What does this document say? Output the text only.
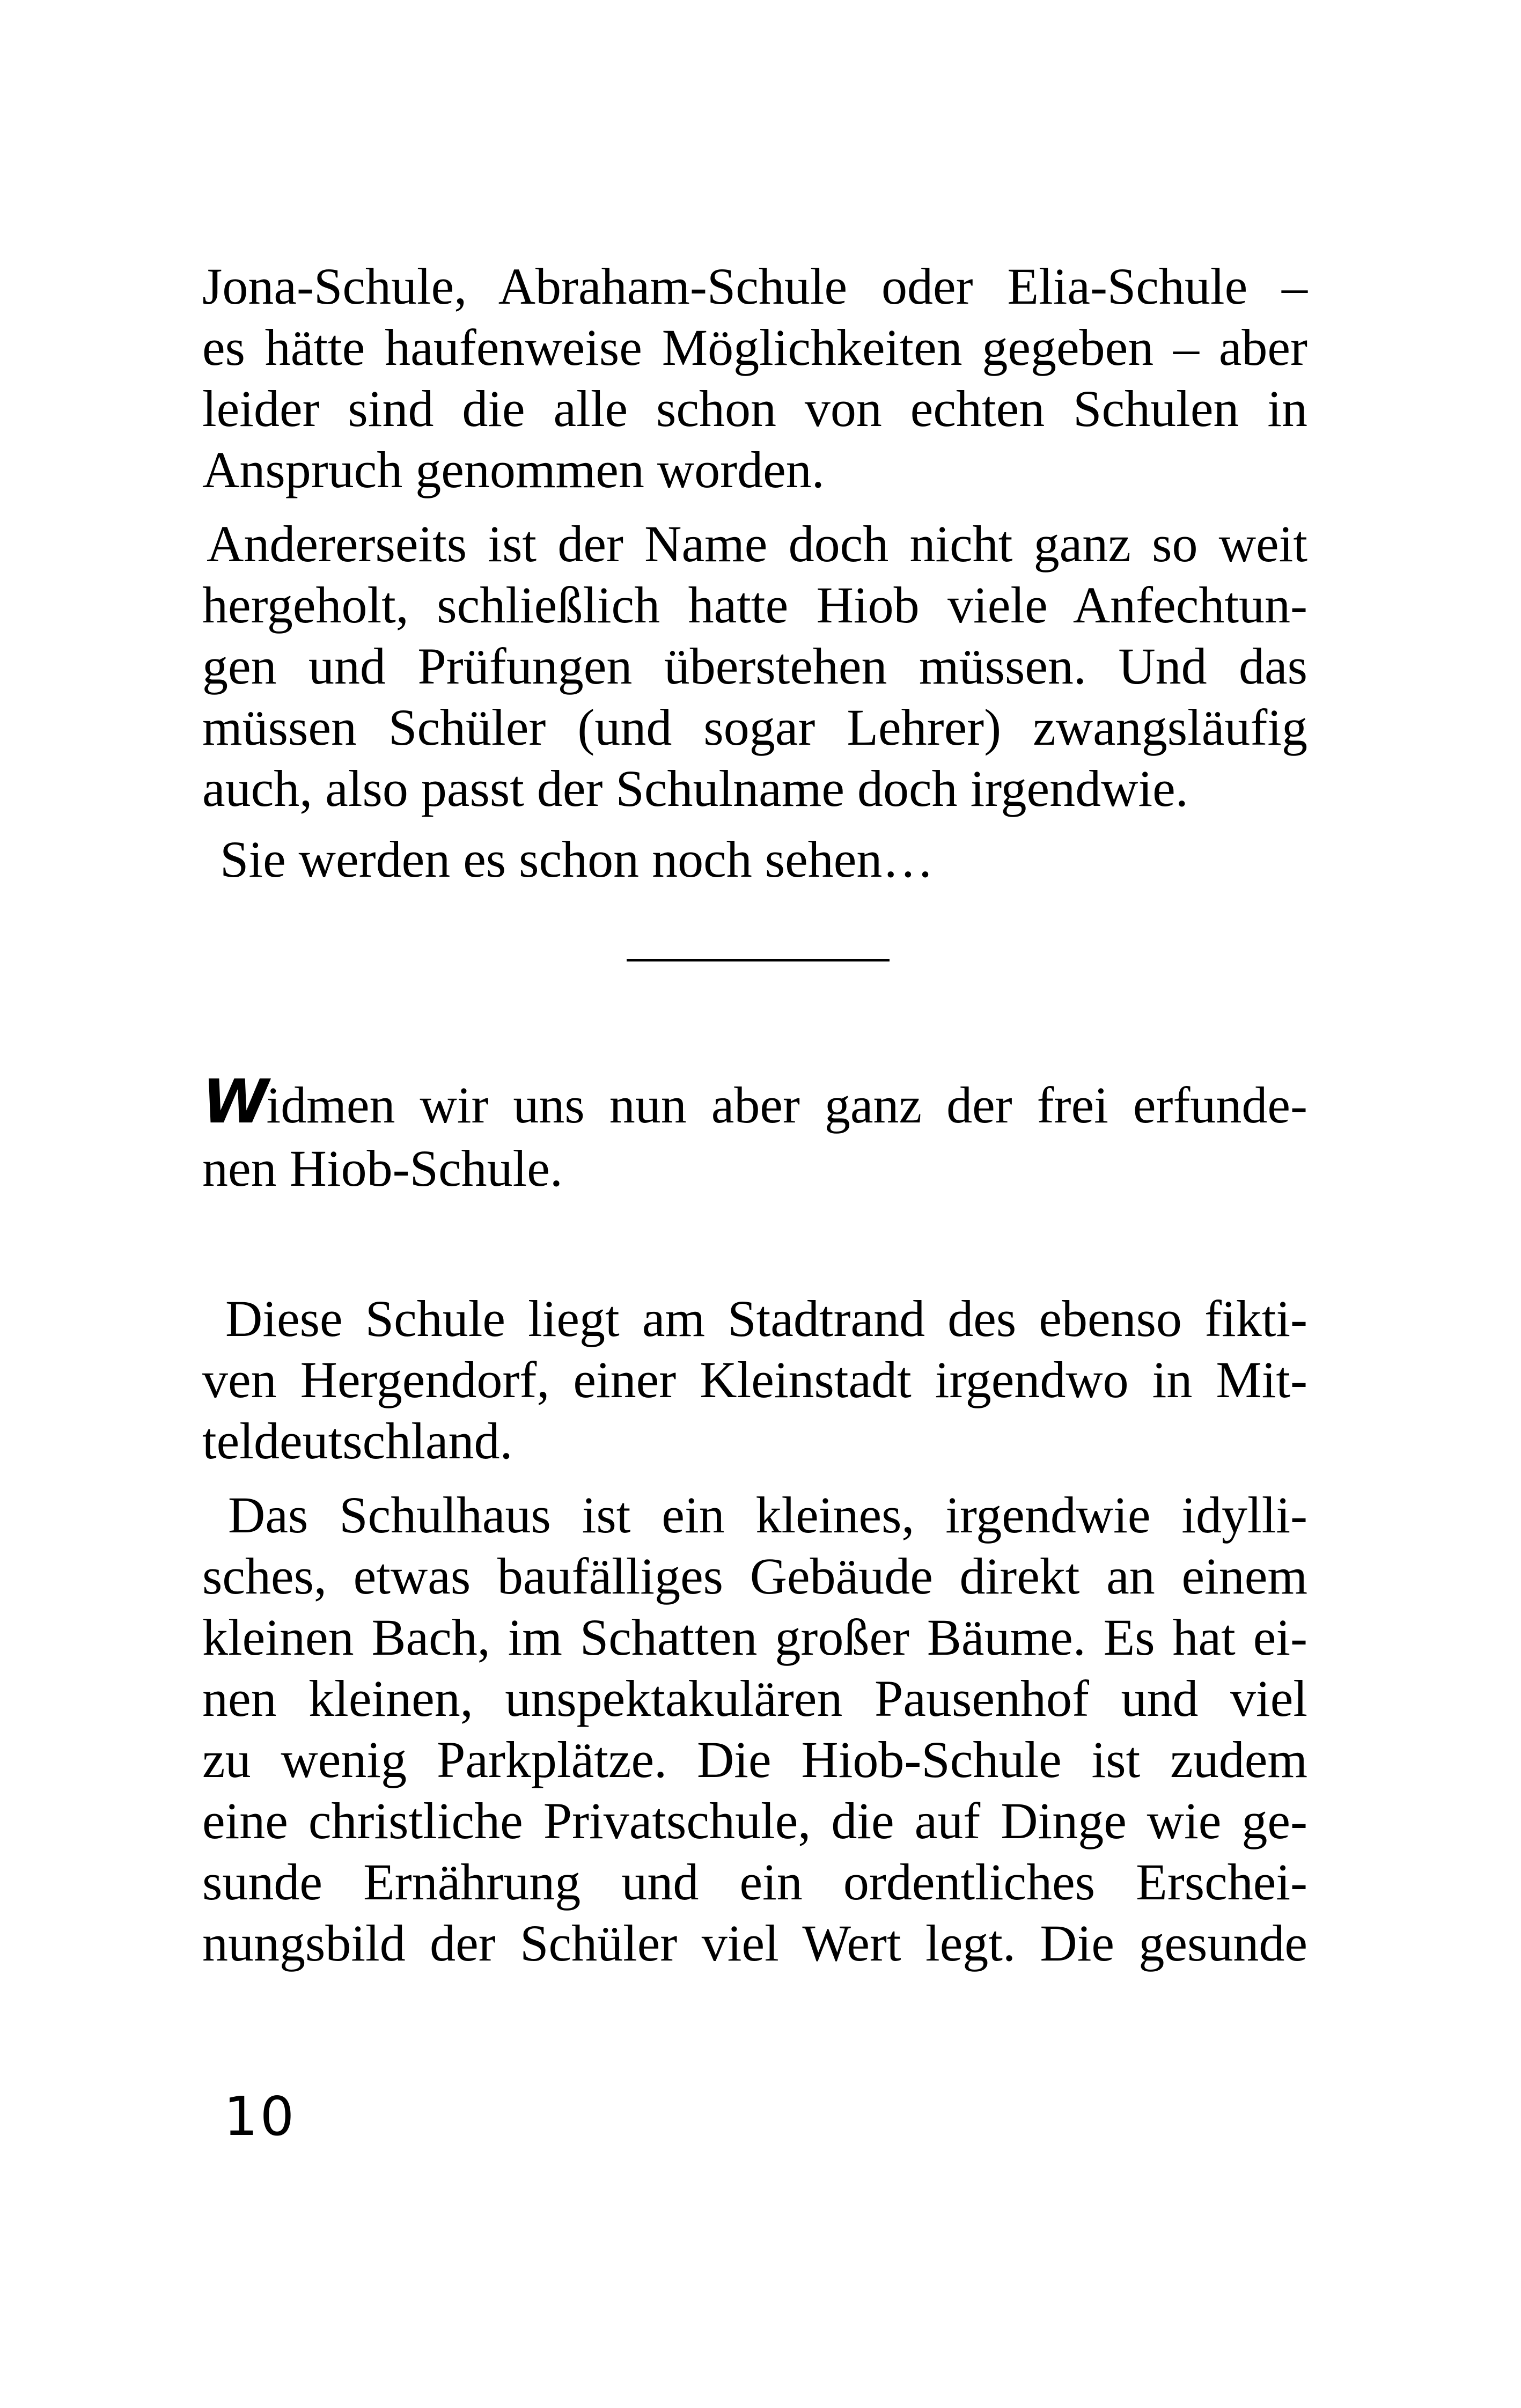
Jona-Schule, Abraham-Schule oder Elia-Schule –
es hätte haufenweise Möglichkeiten gegeben – aber
leider sind die alle schon von echten Schulen in
Anspruch genommen worden.
Andererseits ist der Name doch nicht ganz so weit
hergeholt, schließlich hatte Hiob viele Anfechtun-
gen und Prüfungen überstehen müssen. Und das
müssen Schüler (und sogar Lehrer) zwangsläufig
auch, also passt der Schulname doch irgendwie.
Sie werden es schon noch sehen…
Widmen wir uns nun aber ganz der frei erfunde-
nen Hiob-Schule.
Diese Schule liegt am Stadtrand des ebenso fikti-
ven Hergendorf, einer Kleinstadt irgendwo in Mit-
teldeutschland.
Das Schulhaus ist ein kleines, irgendwie idylli-
sches, etwas baufälliges Gebäude direkt an einem
kleinen Bach, im Schatten großer Bäume. Es hat ei-
nen kleinen, unspektakulären Pausenhof und viel
zu wenig Parkplätze. Die Hiob-Schule ist zudem
eine christliche Privatschule, die auf Dinge wie ge-
sunde Ernährung und ein ordentliches Erschei-
nungsbild der Schüler viel Wert legt. Die gesunde
10
